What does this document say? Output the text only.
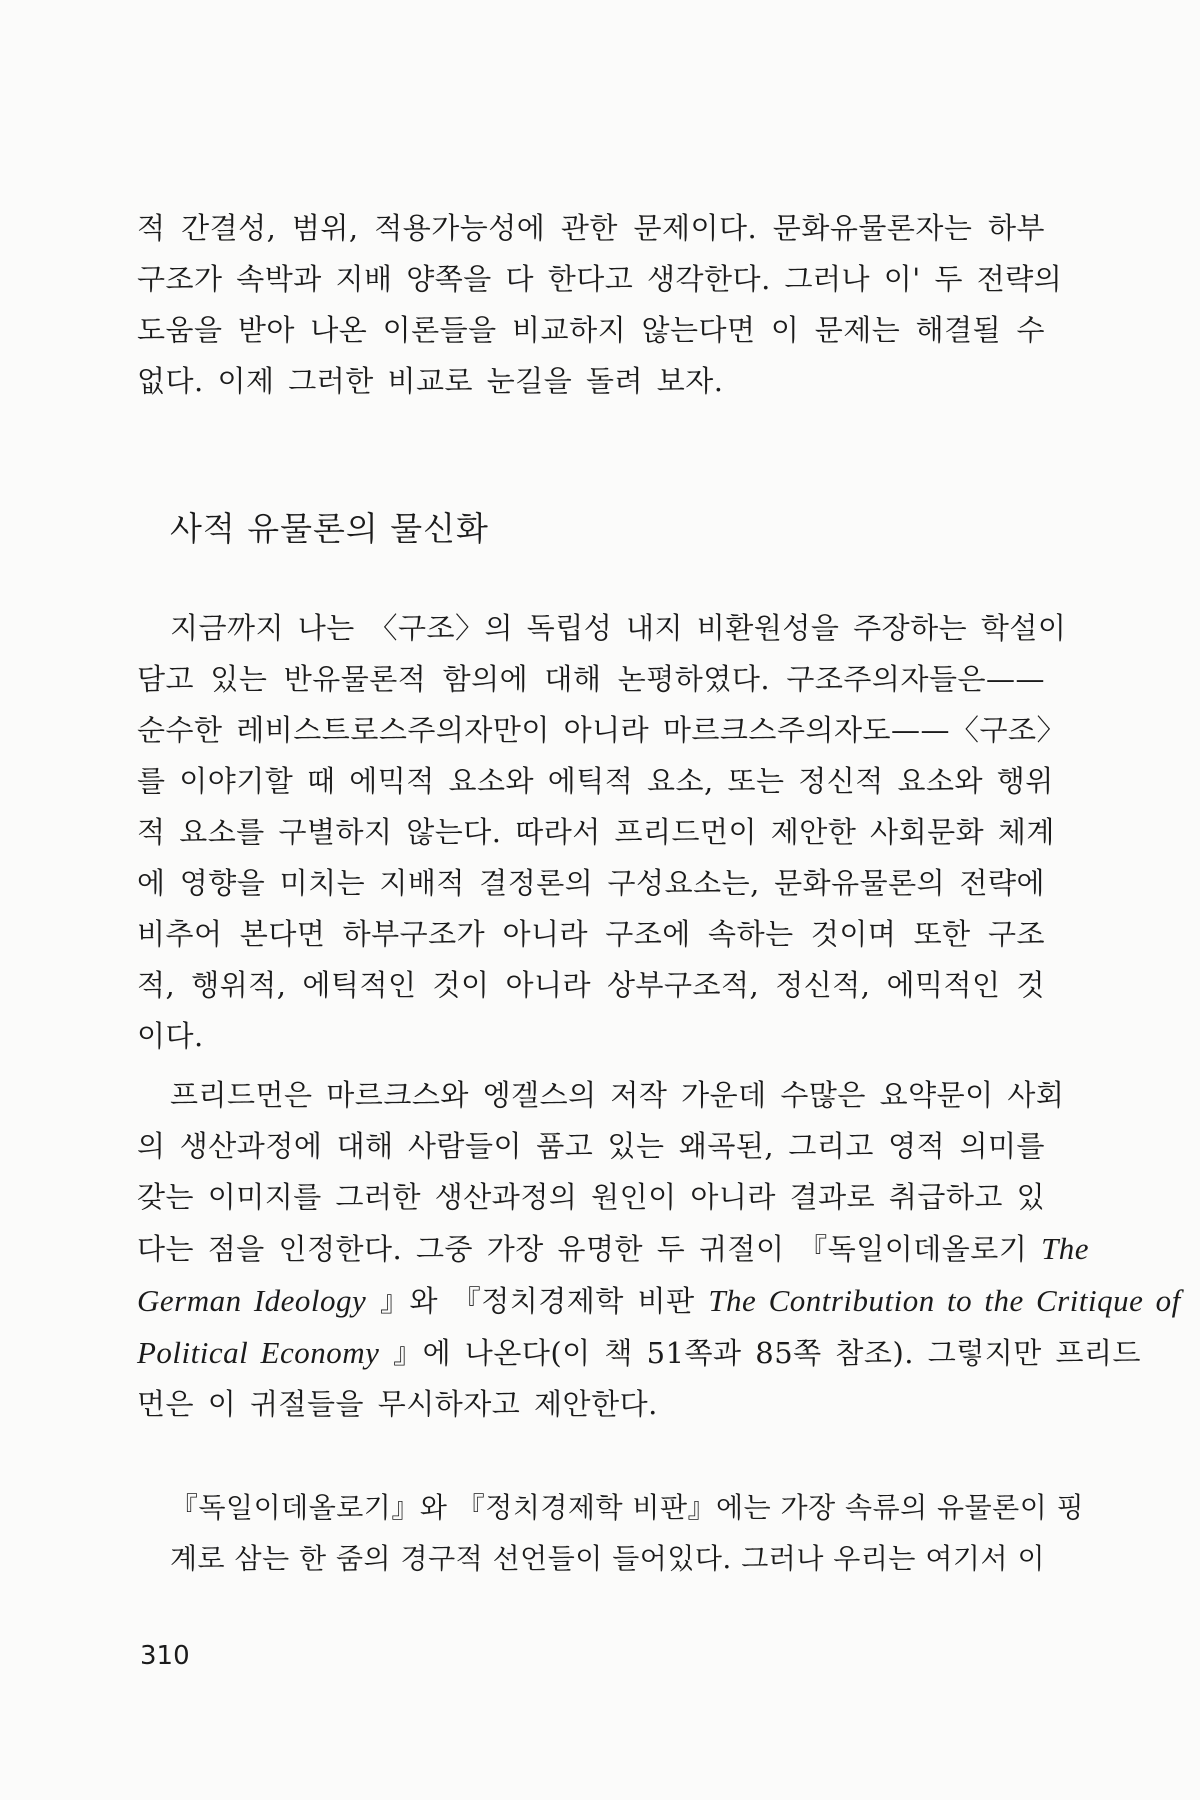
적 간결성, 범위, 적용가능성에 관한 문제이다. 문화유물론자는 하부
구조가 속박과 지배 양쪽을 다 한다고 생각한다. 그러나 이' 두 전략의
도움을 받아 나온 이론들을 비교하지 않는다면 이 문제는 해결될 수
없다. 이제 그러한 비교로 눈길을 돌려 보자.
사적 유물론의 물신화
지금까지 나는 〈구조〉의 독립성 내지 비환원성을 주장하는 학설이
담고 있는 반유물론적 함의에 대해 논평하였다. 구조주의자들은——
순수한 레비스트로스주의자만이 아니라 마르크스주의자도——〈구조〉
를 이야기할 때 에믹적 요소와 에틱적 요소, 또는 정신적 요소와 행위
적 요소를 구별하지 않는다. 따라서 프리드먼이 제안한 사회문화 체계
에 영향을 미치는 지배적 결정론의 구성요소는, 문화유물론의 전략에
비추어 본다면 하부구조가 아니라 구조에 속하는 것이며 또한 구조
적, 행위적, 에틱적인 것이 아니라 상부구조적, 정신적, 에믹적인 것
이다.
프리드먼은 마르크스와 엥겔스의 저작 가운데 수많은 요약문이 사회
의 생산과정에 대해 사람들이 품고 있는 왜곡된, 그리고 영적 의미를
갖는 이미지를 그러한 생산과정의 원인이 아니라 결과로 취급하고 있
다는 점을 인정한다. 그중 가장 유명한 두 귀절이 『독일이데올로기 The
German Ideology 』와 『정치경제학 비판 The Contribution to the Critique of
Political Economy 』에 나온다(이 책 51쪽과 85쪽 참조). 그렇지만 프리드
먼은 이 귀절들을 무시하자고 제안한다.
『독일이데올로기』와 『정치경제학 비판』에는 가장 속류의 유물론이 핑
계로 삼는 한 줌의 경구적 선언들이 들어있다. 그러나 우리는 여기서 이
310
